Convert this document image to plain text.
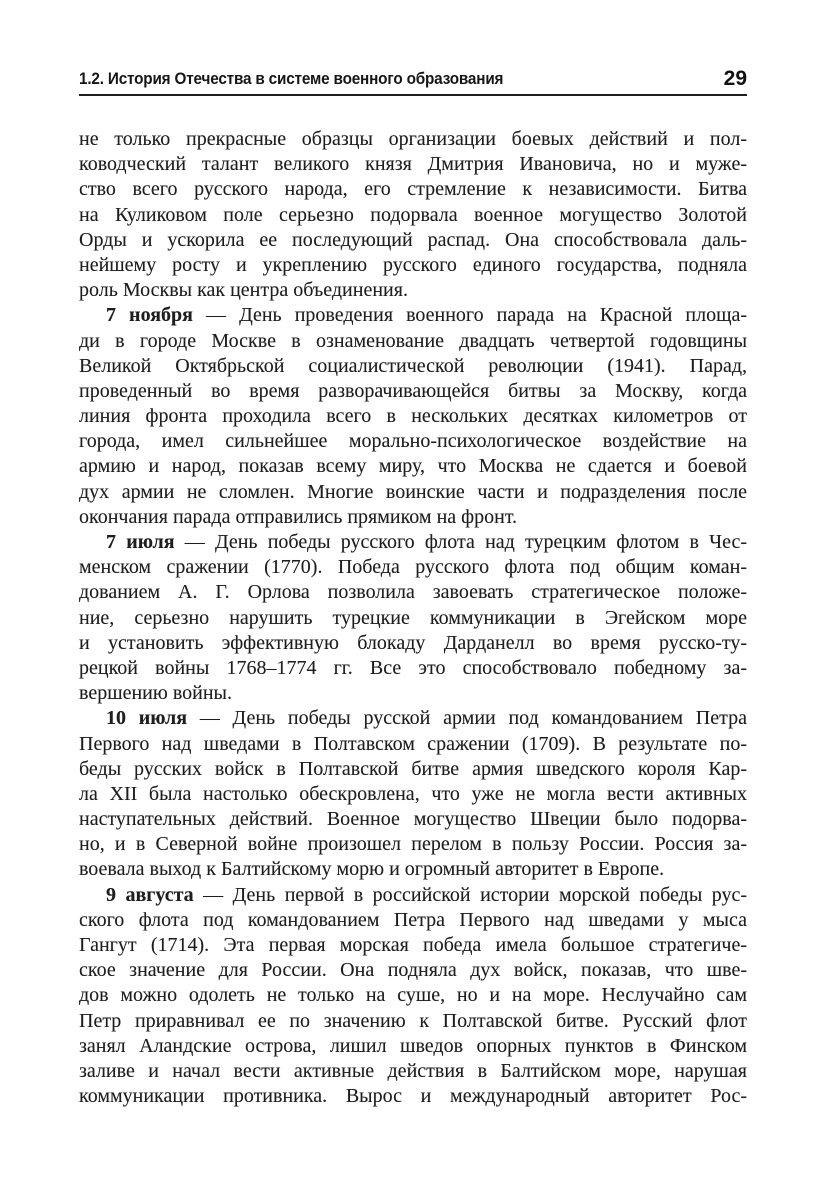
1.2. История Отечества в системе военного образования	29
не только прекрасные образцы организации боевых действий и пол-
ководческий талант великого князя Дмитрия Ивановича, но и муже-
ство всего русского народа, его стремление к независимости. Битва
на Куликовом поле серьезно подорвала военное могущество Золотой
Орды и ускорила ее последующий распад. Она способствовала даль-
нейшему росту и укреплению русского единого государства, подняла
роль Москвы как центра объединения.
7 ноября — День проведения военного парада на Красной площа-
ди в городе Москве в ознаменование двадцать четвертой годовщины
Великой Октябрьской социалистической революции (1941). Парад,
проведенный во время разворачивающейся битвы за Москву, когда
линия фронта проходила всего в нескольких десятках километров от
города, имел сильнейшее морально-психологическое воздействие на
армию и народ, показав всему миру, что Москва не сдается и боевой
дух армии не сломлен. Многие воинские части и подразделения после
окончания парада отправились прямиком на фронт.
7 июля — День победы русского флота над турецким флотом в Чес-
менском сражении (1770). Победа русского флота под общим коман-
дованием А. Г. Орлова позволила завоевать стратегическое положе-
ние, серьезно нарушить турецкие коммуникации в Эгейском море
и установить эффективную блокаду Дарданелл во время русско-ту-
рецкой войны 1768–1774 гг. Все это способствовало победному за-
вершению войны.
10 июля — День победы русской армии под командованием Петра
Первого над шведами в Полтавском сражении (1709). В результате по-
беды русских войск в Полтавской битве армия шведского короля Кар-
ла XII была настолько обескровлена, что уже не могла вести активных
наступательных действий. Военное могущество Швеции было подорва-
но, и в Северной войне произошел перелом в пользу России. Россия за-
воевала выход к Балтийскому морю и огромный авторитет в Европе.
9 августа — День первой в российской истории морской победы рус-
ского флота под командованием Петра Первого над шведами у мыса
Гангут (1714). Эта первая морская победа имела большое стратегиче-
ское значение для России. Она подняла дух войск, показав, что шве-
дов можно одолеть не только на суше, но и на море. Неслучайно сам
Петр приравнивал ее по значению к Полтавской битве. Русский флот
занял Аландские острова, лишил шведов опорных пунктов в Финском
заливе и начал вести активные действия в Балтийском море, нарушая
коммуникации противника. Вырос и международный авторитет Рос-
